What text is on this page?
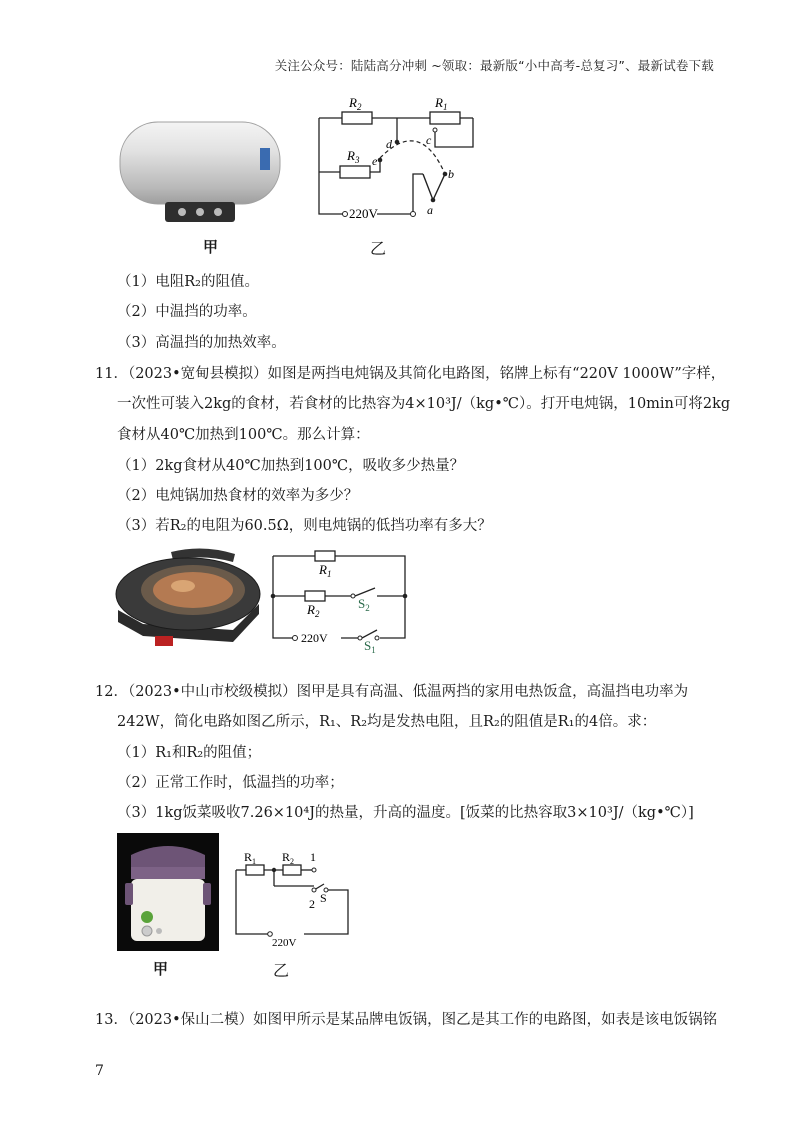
关注公众号：陆陆高分冲刺 ~领取：最新版“小中高考-总复习”、最新试卷下载
甲
$R_2$	$R_1$
$R_3$
d
e
c
b
a
220V
乙
（1）电阻R₂的阻值。
（2）中温挡的功率。
（3）高温挡的加热效率。
11．（2023•宽甸县模拟）如图是两挡电炖锅及其简化电路图，铭牌上标有“220V 1000W”字样，
一次性可装入2kg的食材，若食材的比热容为4×10³J/（kg•℃）。打开电炖锅，10min可将2kg
食材从40℃加热到100℃。那么计算：
（1）2kg食材从40℃加热到100℃，吸收多少热量？
（2）电炖锅加热食材的效率为多少？
（3）若R₂的电阻为60.5Ω，则电炖锅的低挡功率有多大？
$R_1$
$R_2$
$S_2$
$S_1$
220V
12．（2023•中山市校级模拟）图甲是具有高温、低温两挡的家用电热饭盒，高温挡电功率为
242W，简化电路如图乙所示，R₁、R₂均是发热电阻，且R₂的阻值是R₁的4倍。求：
（1）R₁和R₂的阻值；
（2）正常工作时，低温挡的功率；
（3）1kg饭菜吸收7.26×10⁴J的热量，升高的温度。[饭菜的比热容取3×10³J/（kg•℃）]
甲
$R_1$ $R_2$ 1
2 S
220V
乙
13．（2023•保山二模）如图甲所示是某品牌电饭锅，图乙是其工作的电路图，如表是该电饭锅铭
7
